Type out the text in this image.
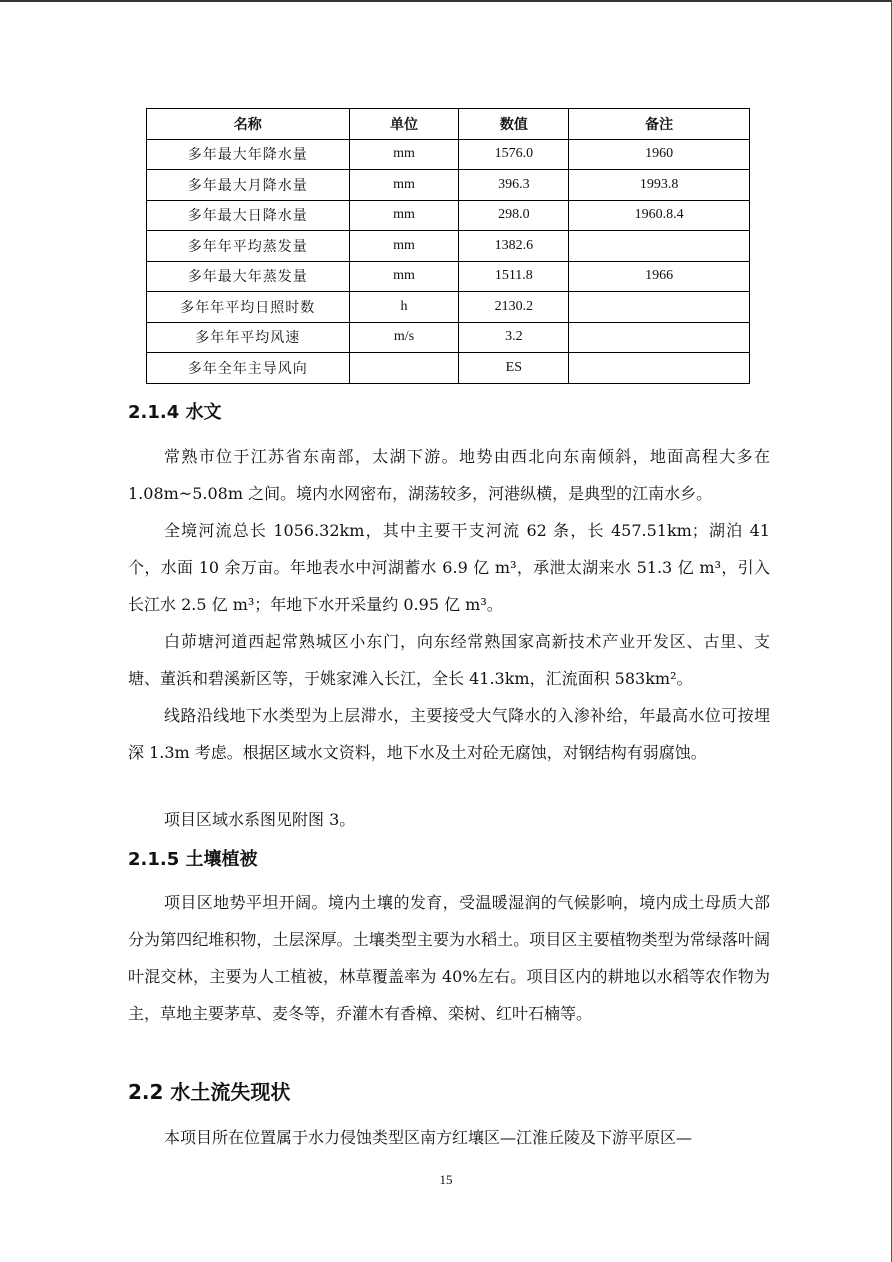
名称	单位	数值	备注
多年最大年降水量	mm	1576.0	1960
多年最大月降水量	mm	396.3	1993.8
多年最大日降水量	mm	298.0	1960.8.4
多年年平均蒸发量	mm	1382.6	
多年最大年蒸发量	mm	1511.8	1966
多年年平均日照时数	h	2130.2	
多年年平均风速	m/s	3.2	
多年全年主导风向		ES	
2.1.4 水文

常熟市位于江苏省东南部，太湖下游。地势由西北向东南倾斜，地面高程大多在 1.08m~5.08m 之间。境内水网密布，湖荡较多，河港纵横，是典型的江南水乡。

全境河流总长 1056.32km，其中主要干支河流 62 条，长 457.51km；湖泊 41 个，水面 10 余万亩。年地表水中河湖蓄水 6.9 亿 m³，承泄太湖来水 51.3 亿 m³，引入长江水 2.5 亿 m³；年地下水开采量约 0.95 亿 m³。

白茆塘河道西起常熟城区小东门，向东经常熟国家高新技术产业开发区、古里、支塘、董浜和碧溪新区等，于姚家滩入长江，全长 41.3km，汇流面积 583km²。

线路沿线地下水类型为上层滞水，主要接受大气降水的入渗补给，年最高水位可按埋深 1.3m 考虑。根据区域水文资料，地下水及土对砼无腐蚀，对钢结构有弱腐蚀。

项目区域水系图见附图 3。

2.1.5 土壤植被

项目区地势平坦开阔。境内土壤的发育，受温暖湿润的气候影响，境内成土母质大部分为第四纪堆积物，土层深厚。土壤类型主要为水稻土。项目区主要植物类型为常绿落叶阔叶混交林，主要为人工植被，林草覆盖率为 40%左右。项目区内的耕地以水稻等农作物为主，草地主要茅草、麦冬等，乔灌木有香樟、栾树、红叶石楠等。

2.2 水土流失现状

本项目所在位置属于水力侵蚀类型区南方红壤区—江淮丘陵及下游平原区—

15
